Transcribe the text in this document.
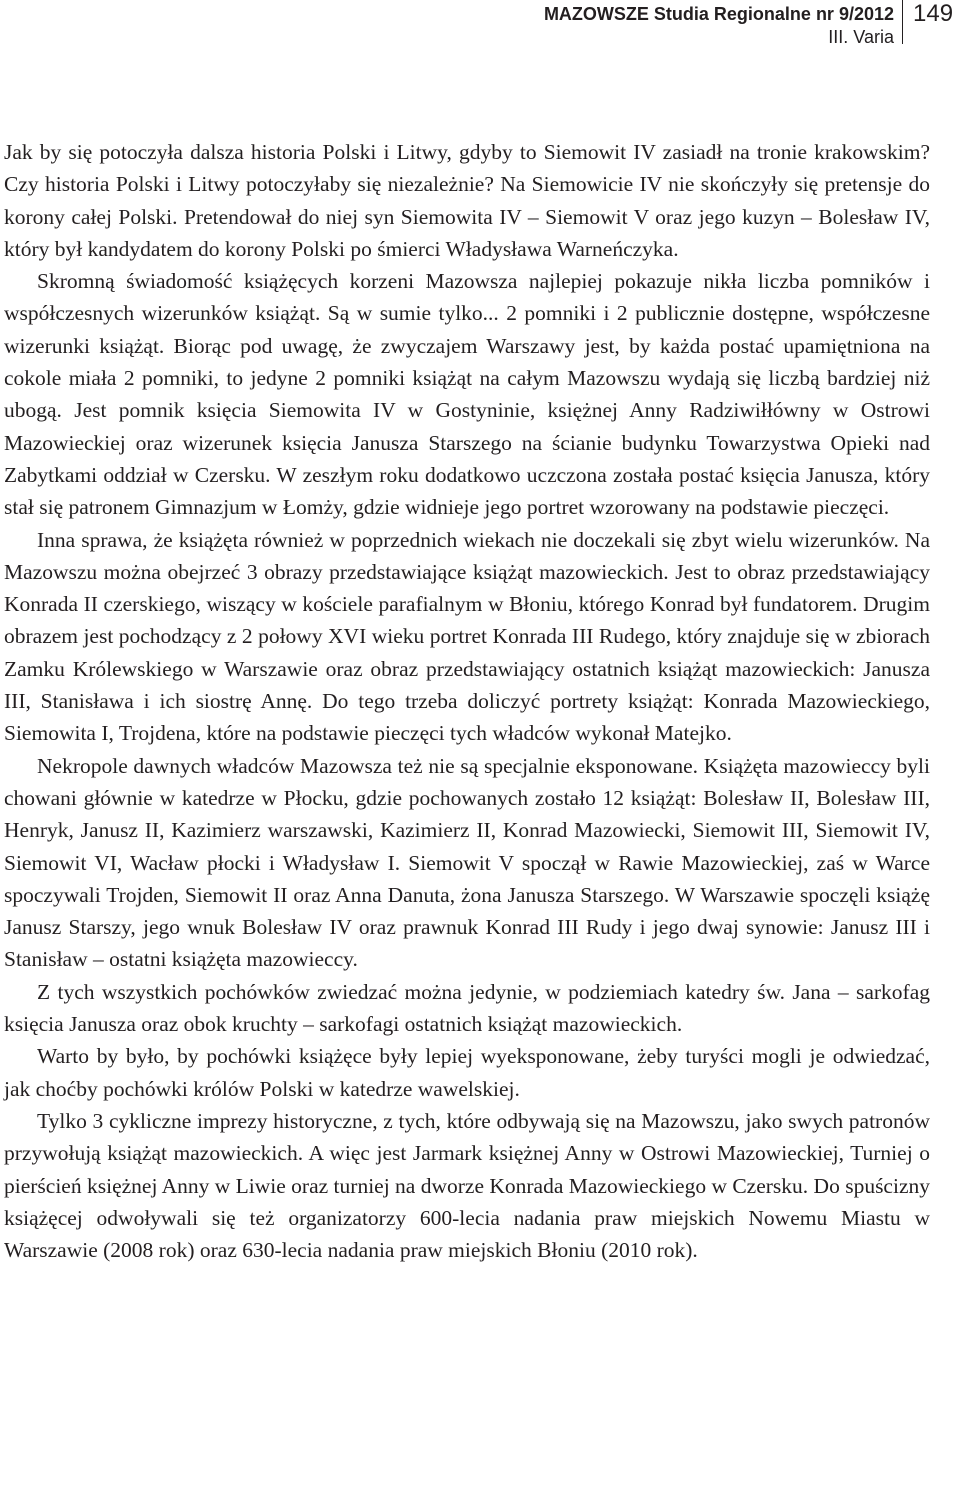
MAZOWSZE Studia Regionalne nr 9/2012
III. Varia
149

Jak by się potoczyła dalsza historia Polski i Litwy, gdyby to Siemowit IV zasiadł na tronie krakowskim? Czy historia Polski i Litwy potoczyłaby się niezależnie? Na Siemowicie IV nie skończyły się pretensje do korony całej Polski. Pretendował do niej syn Siemowita IV – Siemowit V oraz jego kuzyn – Bolesław IV, który był kandydatem do korony Polski po śmierci Władysława Warneńczyka.

Skromną świadomość książęcych korzeni Mazowsza najlepiej pokazuje nikła liczba pomników i współczesnych wizerunków książąt. Są w sumie tylko... 2 pomniki i 2 publicznie dostępne, współczesne wizerunki książąt. Biorąc pod uwagę, że zwyczajem Warszawy jest, by każda postać upamiętniona na cokole miała 2 pomniki, to jedyne 2 pomniki książąt na całym Mazowszu wydają się liczbą bardziej niż ubogą. Jest pomnik księcia Siemowita IV w Gostyninie, księżnej Anny Radziwiłłówny w Ostrowi Mazowieckiej oraz wizerunek księcia Janusza Starszego na ścianie budynku Towarzystwa Opieki nad Zabytkami oddział w Czersku. W zeszłym roku dodatkowo uczczona została postać księcia Janusza, który stał się patronem Gimnazjum w Łomży, gdzie widnieje jego portret wzorowany na podstawie pieczęci.

Inna sprawa, że książęta również w poprzednich wiekach nie doczekali się zbyt wielu wizerunków. Na Mazowszu można obejrzeć 3 obrazy przedstawiające książąt mazowieckich. Jest to obraz przedstawiający Konrada II czerskiego, wiszący w kościele parafialnym w Błoniu, którego Konrad był fundatorem. Drugim obrazem jest pochodzący z 2 połowy XVI wieku portret Konrada III Rudego, który znajduje się w zbiorach Zamku Królewskiego w Warszawie oraz obraz przedstawiający ostatnich książąt mazowieckich: Janusza III, Stanisława i ich siostrę Annę. Do tego trzeba doliczyć portrety książąt: Konrada Mazowieckiego, Siemowita I, Trojdena, które na podstawie pieczęci tych władców wykonał Matejko.

Nekropole dawnych władców Mazowsza też nie są specjalnie eksponowane. Książęta mazowieccy byli chowani głównie w katedrze w Płocku, gdzie pochowanych zostało 12 książąt: Bolesław II, Bolesław III, Henryk, Janusz II, Kazimierz warszawski, Kazimierz II, Konrad Mazowiecki, Siemowit III, Siemowit IV, Siemowit VI, Wacław płocki i Władysław I. Siemowit V spoczął w Rawie Mazowieckiej, zaś w Warce spoczywali Trojden, Siemowit II oraz Anna Danuta, żona Janusza Starszego. W Warszawie spoczęli książę Janusz Starszy, jego wnuk Bolesław IV oraz prawnuk Konrad III Rudy i jego dwaj synowie: Janusz III i Stanisław – ostatni książęta mazowieccy.

Z tych wszystkich pochówków zwiedzać można jedynie, w podziemiach katedry św. Jana – sarkofag księcia Janusza oraz obok kruchty – sarkofagi ostatnich książąt mazowieckich.

Warto by było, by pochówki książęce były lepiej wyeksponowane, żeby turyści mogli je odwiedzać, jak choćby pochówki królów Polski w katedrze wawelskiej.

Tylko 3 cykliczne imprezy historyczne, z tych, które odbywają się na Mazowszu, jako swych patronów przywołują książąt mazowieckich. A więc jest Jarmark księżnej Anny w Ostrowi Mazowieckiej, Turniej o pierścień księżnej Anny w Liwie oraz turniej na dworze Konrada Mazowieckiego w Czersku. Do spuścizny książęcej odwoływali się też organizatorzy 600-lecia nadania praw miejskich Nowemu Miastu w Warszawie (2008 rok) oraz 630-lecia nadania praw miejskich Błoniu (2010 rok).
